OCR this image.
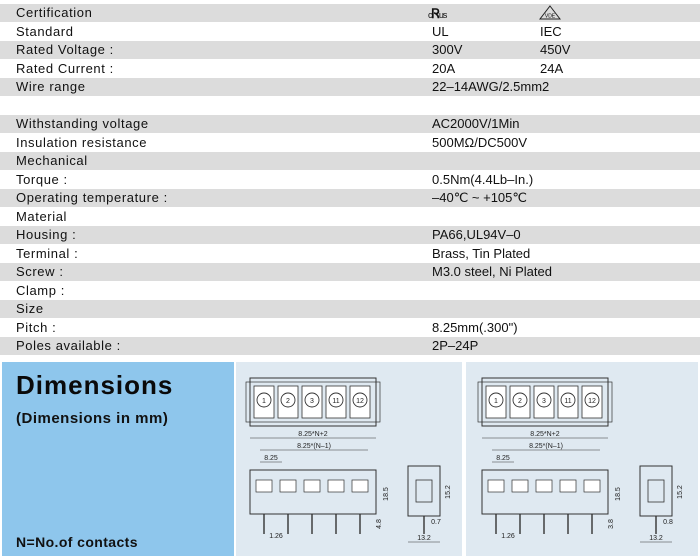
Certification	cᏒus	VDE
Standard	UL	IEC
Rated Voltage :	300V	450V
Rated Current :	20A	24A
Wire range	22–14AWG/2.5mm2
Withstanding voltage	AC2000V/1Min
Insulation resistance	500MΩ/DC500V
Mechanical
Torque :	0.5Nm(4.4Lb–In.)
Operating temperature :	–40℃ ~ +105℃
Material
Housing :	PA66,UL94V–0
Terminal :	Brass, Tin Plated
Screw :	M3.0 steel, Ni Plated
Clamp :
Size
Pitch :	8.25mm(.300")
Poles available :	2P–24P
Dimensions
(Dimensions in mm)
N=No.of contacts
1	2	3	11 12
8.25*N+2
8.25*(N–1)
8.25
18.5
4.8
1.26
15.2
0.7
13.2
1	2	3	11 12
8.25*N+2
8.25*(N–1)
8.25
18.5
3.8
1.26
15.2
0.8
13.2
